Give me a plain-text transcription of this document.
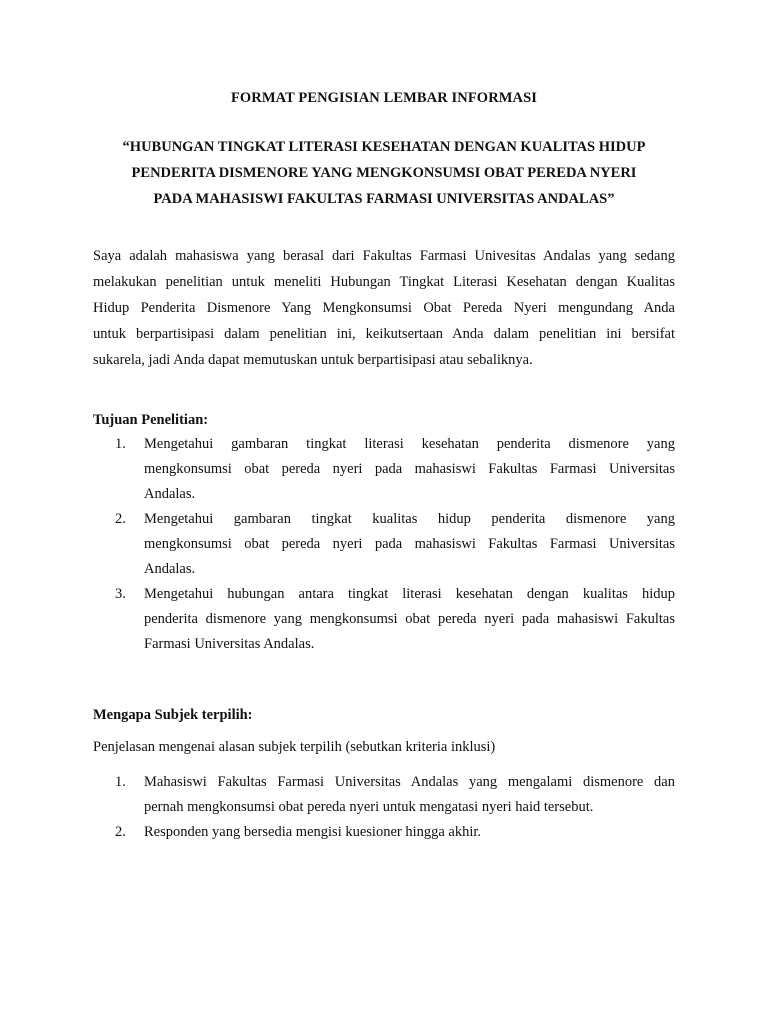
FORMAT PENGISIAN LEMBAR INFORMASI
“HUBUNGAN TINGKAT LITERASI KESEHATAN DENGAN KUALITAS HIDUP
PENDERITA DISMENORE YANG MENGKONSUMSI OBAT PEREDA NYERI
PADA MAHASISWI FAKULTAS FARMASI UNIVERSITAS ANDALAS”
Saya adalah mahasiswa yang berasal dari Fakultas Farmasi Univesitas Andalas yang sedang
melakukan penelitian untuk meneliti Hubungan Tingkat Literasi Kesehatan dengan Kualitas
Hidup Penderita Dismenore Yang Mengkonsumsi Obat Pereda Nyeri mengundang Anda
untuk berpartisipasi dalam penelitian ini, keikutsertaan Anda dalam penelitian ini bersifat
sukarela, jadi Anda dapat memutuskan untuk berpartisipasi atau sebaliknya.
Tujuan Penelitian:
1. Mengetahui gambaran tingkat literasi kesehatan penderita dismenore yang
mengkonsumsi obat pereda nyeri pada mahasiswi Fakultas Farmasi Universitas
Andalas.
2. Mengetahui gambaran tingkat kualitas hidup penderita dismenore yang
mengkonsumsi obat pereda nyeri pada mahasiswi Fakultas Farmasi Universitas
Andalas.
3. Mengetahui hubungan antara tingkat literasi kesehatan dengan kualitas hidup
penderita dismenore yang mengkonsumsi obat pereda nyeri pada mahasiswi Fakultas
Farmasi Universitas Andalas.
Mengapa Subjek terpilih:
Penjelasan mengenai alasan subjek terpilih (sebutkan kriteria inklusi)
1. Mahasiswi Fakultas Farmasi Universitas Andalas yang mengalami dismenore dan
pernah mengkonsumsi obat pereda nyeri untuk mengatasi nyeri haid tersebut.
2. Responden yang bersedia mengisi kuesioner hingga akhir.
